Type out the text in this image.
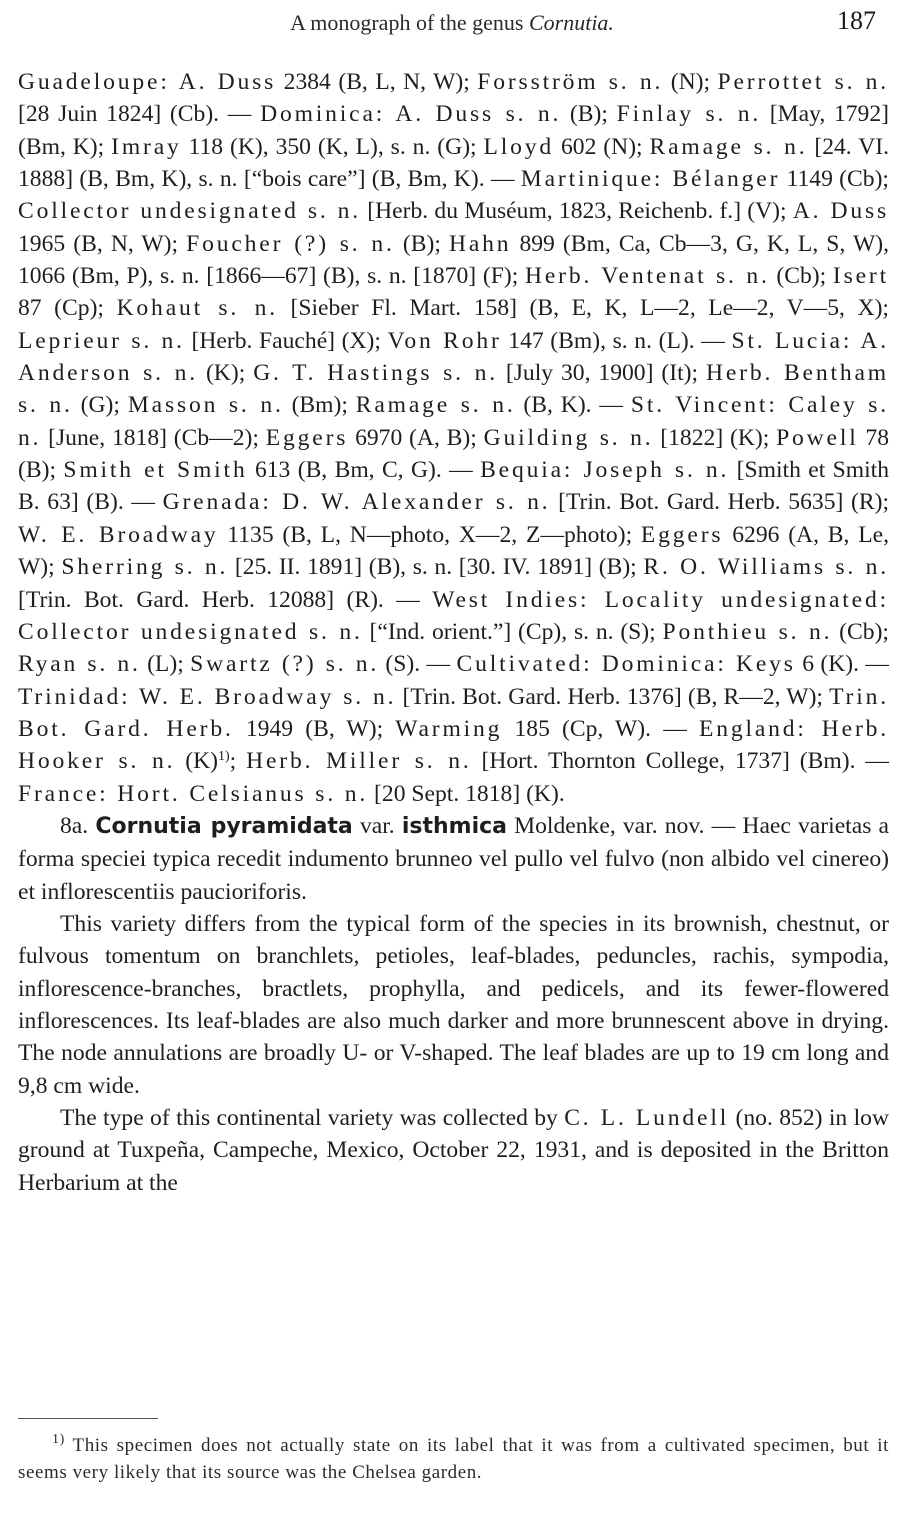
A monograph of the genus Cornutia.	187

Guadeloupe: A. Duss 2384 (B, L, N, W); Forsström s. n. (N); Perrottet s. n. [28 Juin 1824] (Cb). — Dominica: A. Duss s. n. (B); Finlay s. n. [May, 1792] (Bm, K); Imray 118 (K), 350 (K, L), s. n. (G); Lloyd 602 (N); Ramage s. n. [24. VI. 1888] (B, Bm, K), s. n. [“bois care”] (B, Bm, K). — Martinique: Bélanger 1149 (Cb); Collector undesignated s. n. [Herb. du Muséum, 1823, Reichenb. f.] (V); A. Duss 1965 (B, N, W); Foucher (?) s. n. (B); Hahn 899 (Bm, Ca, Cb—3, G, K, L, S, W), 1066 (Bm, P), s. n. [1866—67] (B), s. n. [1870] (F); Herb. Ventenat s. n. (Cb); Isert 87 (Cp); Kohaut s. n. [Sieber Fl. Mart. 158] (B, E, K, L—2, Le—2, V—5, X); Leprieur s. n. [Herb. Fauché] (X); Von Rohr 147 (Bm), s. n. (L). — St. Lucia: A. Anderson s. n. (K); G. T. Hastings s. n. [July 30, 1900] (It); Herb. Bentham s. n. (G); Masson s. n. (Bm); Ramage s. n. (B, K). — St. Vincent: Caley s. n. [June, 1818] (Cb—2); Eggers 6970 (A, B); Guilding s. n. [1822] (K); Powell 78 (B); Smith et Smith 613 (B, Bm, C, G). — Bequia: Joseph s. n. [Smith et Smith B. 63] (B). — Grenada: D. W. Alexander s. n. [Trin. Bot. Gard. Herb. 5635] (R); W. E. Broadway 1135 (B, L, N—photo, X—2, Z—photo); Eggers 6296 (A, B, Le, W); Sherring s. n. [25. II. 1891] (B), s. n. [30. IV. 1891] (B); R. O. Williams s. n. [Trin. Bot. Gard. Herb. 12088] (R). — West Indies: Locality undesignated: Collector undesignated s. n. [“Ind. orient.”] (Cp), s. n. (S); Ponthieu s. n. (Cb); Ryan s. n. (L); Swartz (?) s. n. (S). — Cultivated: Dominica: Keys 6 (K). — Trinidad: W. E. Broadway s. n. [Trin. Bot. Gard. Herb. 1376] (B, R—2, W); Trin. Bot. Gard. Herb. 1949 (B, W); Warming 185 (Cp, W). — England: Herb. Hooker s. n. $(K)^{1)}$; Herb. Miller s. n. [Hort. Thornton College, 1737] (Bm). — France: Hort. Celsianus s. n. [20 Sept. 1818] (K).

8a. Cornutia pyramidata var. isthmica Moldenke, var. nov. — Haec varietas a forma speciei typica recedit indumento brunneo vel pullo vel fulvo (non albido vel cinereo) et inflorescentiis paucioriforis.

This variety differs from the typical form of the species in its brownish, chestnut, or fulvous tomentum on branchlets, petioles, leaf-blades, peduncles, rachis, sympodia, inflorescence-branches, bractlets, prophylla, and pedicels, and its fewer-flowered inflorescences. Its leaf-blades are also much darker and more brunnescent above in drying. The node annulations are broadly U- or V-shaped. The leaf blades are up to 19 cm long and 9,8 cm wide.

The type of this continental variety was collected by C. L. Lundell (no. 852) in low ground at Tuxpeña, Campeche, Mexico, October 22, 1931, and is deposited in the Britton Herbarium at the

$^{1)}$ This specimen does not actually state on its label that it was from a cultivated specimen, but it seems very likely that its source was the Chelsea garden.
